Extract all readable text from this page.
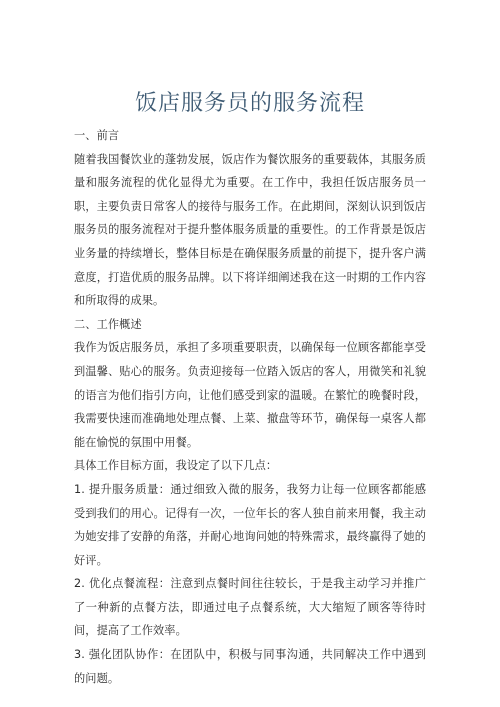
饭店服务员的服务流程

一、前言

随着我国餐饮业的蓬勃发展，饭店作为餐饮服务的重要载体，其服务质量和服务流程的优化显得尤为重要。在工作中，我担任饭店服务员一职，主要负责日常客人的接待与服务工作。在此期间，深刻认识到饭店服务员的服务流程对于提升整体服务质量的重要性。的工作背景是饭店业务量的持续增长，整体目标是在确保服务质量的前提下，提升客户满意度，打造优质的服务品牌。以下将详细阐述我在这一时期的工作内容和所取得的成果。

二、工作概述

我作为饭店服务员，承担了多项重要职责，以确保每一位顾客都能享受到温馨、贴心的服务。负责迎接每一位踏入饭店的客人，用微笑和礼貌的语言为他们指引方向，让他们感受到家的温暖。在繁忙的晚餐时段，我需要快速而准确地处理点餐、上菜、撤盘等环节，确保每一桌客人都能在愉悦的氛围中用餐。

具体工作目标方面，我设定了以下几点：

1. 提升服务质量：通过细致入微的服务，我努力让每一位顾客都能感受到我们的用心。记得有一次，一位年长的客人独自前来用餐，我主动为她安排了安静的角落，并耐心地询问她的特殊需求，最终赢得了她的好评。

2. 优化点餐流程：注意到点餐时间往往较长，于是我主动学习并推广了一种新的点餐方法，即通过电子点餐系统，大大缩短了顾客等待时间，提高了工作效率。

3. 强化团队协作：在团队中，积极与同事沟通，共同解决工作中遇到的问题。
